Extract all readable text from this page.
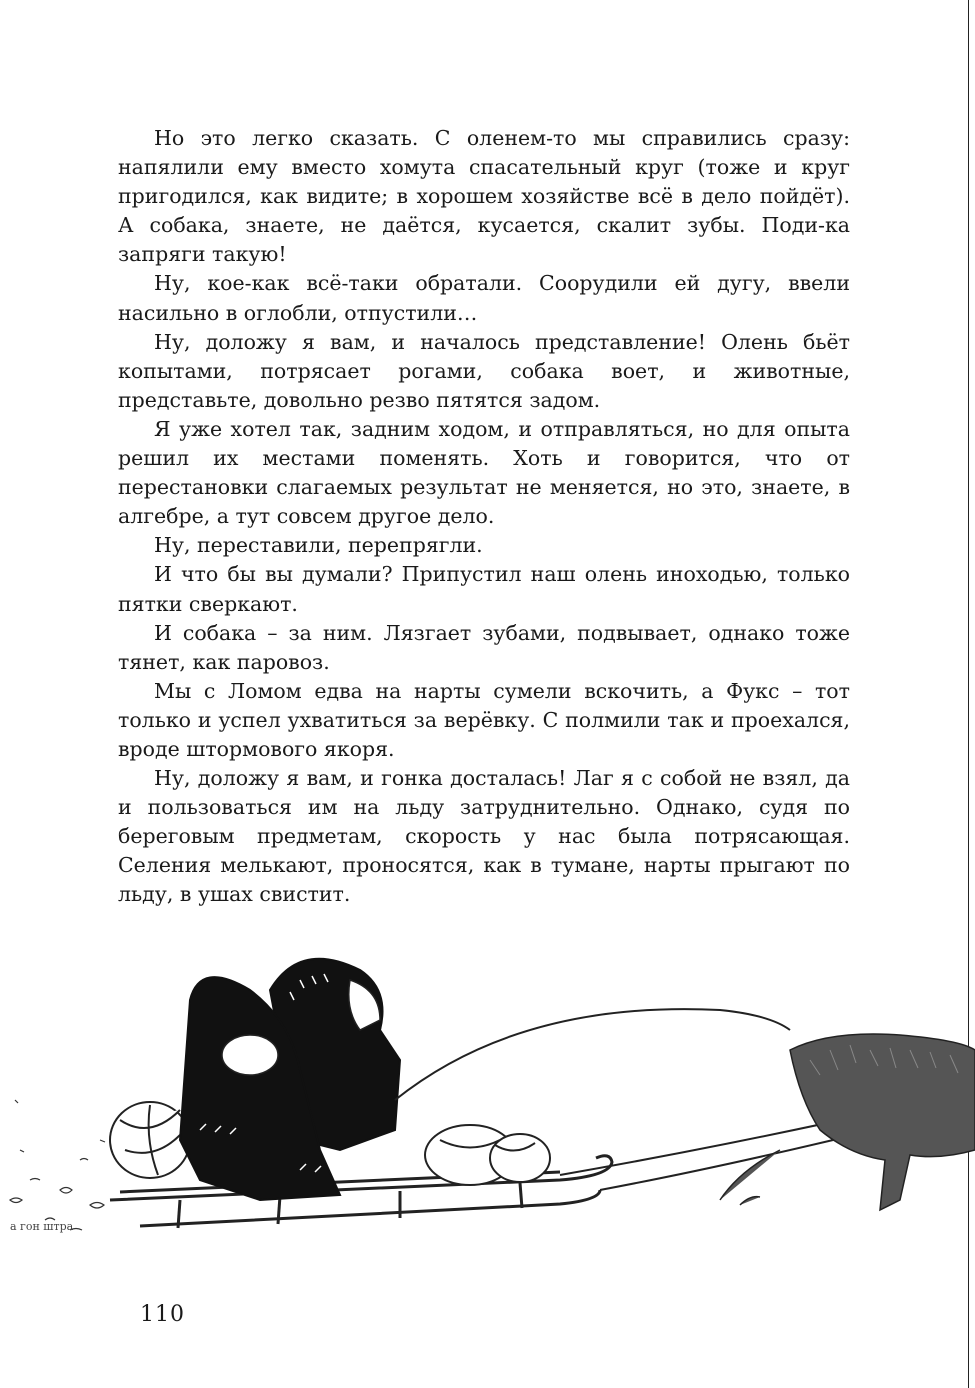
Но это легко сказать. С оленем-то мы справились сразу: напялили ему вместо хомута спасательный круг (тоже и круг пригодился, как видите; в хорошем хозяйстве всё в дело пойдёт). А собака, знаете, не даётся, кусается, скалит зубы. Поди-ка запряги такую!

Ну, кое-как всё-таки обратали. Соорудили ей дугу, ввели насильно в оглобли, отпустили…

Ну, доложу я вам, и началось представление! Олень бьёт копытами, потрясает рогами, собака воет, и животные, представьте, довольно резво пятятся задом.

Я уже хотел так, задним ходом, и отправляться, но для опыта решил их местами поменять. Хоть и говорится, что от перестановки слагаемых результат не меняется, но это, знаете, в алгебре, а тут совсем другое дело.

Ну, переставили, перепрягли.

И что бы вы думали? Припустил наш олень иноходью, только пятки сверкают.

И собака – за ним. Лязгает зубами, подвывает, однако тоже тянет, как паровоз.

Мы с Ломом едва на нарты сумели вскочить, а Фукс – тот только и успел ухватиться за верёвку. С полмили так и проехался, вроде штормового якоря.

Ну, доложу я вам, и гонка досталась! Лаг я с собой не взял, да и пользоваться им на льду затруднительно. Однако, судя по береговым предметам, скорость у нас была потрясающая. Селения мелькают, проносятся, как в тумане, нарты прыгают по льду, в ушах свистит.

а гон штра
110
